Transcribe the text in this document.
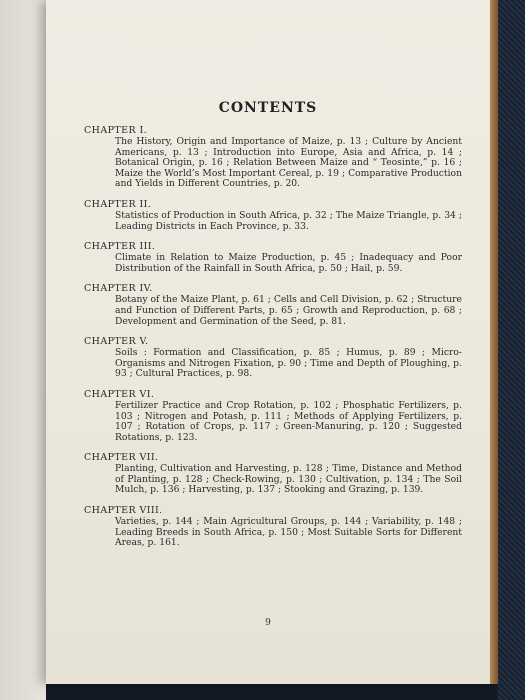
CONTENTS
CHAPTER I.
The History, Origin and Importance of Maize, p. 13 ; Culture by Ancient Americans, p. 13 ; Introduction into Europe, Asia and Africa, p. 14 ; Botanical Origin, p. 16 ; Relation Between Maize and “ Teosinte,” p. 16 ; Maize the World’s Most Important Cereal, p. 19 ; Comparative Production and Yields in Different Countries, p. 20.
CHAPTER II.
Statistics of Production in South Africa, p. 32 ; The Maize Triangle, p. 34 ; Leading Districts in Each Province, p. 33.
CHAPTER III.
Climate in Relation to Maize Production, p. 45 ; Inadequacy and Poor Distribution of the Rainfall in South Africa, p. 50 ; Hail, p. 59.
CHAPTER IV.
Botany of the Maize Plant, p. 61 ; Cells and Cell Division, p. 62 ; Structure and Function of Different Parts, p. 65 ; Growth and Reproduction, p. 68 ; Development and Germination of the Seed, p. 81.
CHAPTER V.
Soils : Formation and Classification, p. 85 ; Humus, p. 89 ; Micro-Organisms and Nitrogen Fixation, p. 90 ; Time and Depth of Ploughing, p. 93 ; Cultural Practices, p. 98.
CHAPTER VI.
Fertilizer Practice and Crop Rotation, p. 102 ; Phosphatic Fertilizers, p. 103 ; Nitrogen and Potash, p. 111 ; Methods of Applying Fertilizers, p. 107 ; Rotation of Crops, p. 117 ; Green-Manuring, p. 120 ; Suggested Rotations, p. 123.
CHAPTER VII.
Planting, Cultivation and Harvesting, p. 128 ; Time, Distance and Method of Planting, p. 128 ; Check-Rowing, p. 130 ; Cultivation, p. 134 ; The Soil Mulch, p. 136 ; Harvesting, p. 137 ; Stooking and Grazing, p. 139.
CHAPTER VIII.
Varieties, p. 144 ; Main Agricultural Groups, p. 144 ; Variability, p. 148 ; Leading Breeds in South Africa, p. 150 ; Most Suitable Sorts for Different Areas, p. 161.
9
